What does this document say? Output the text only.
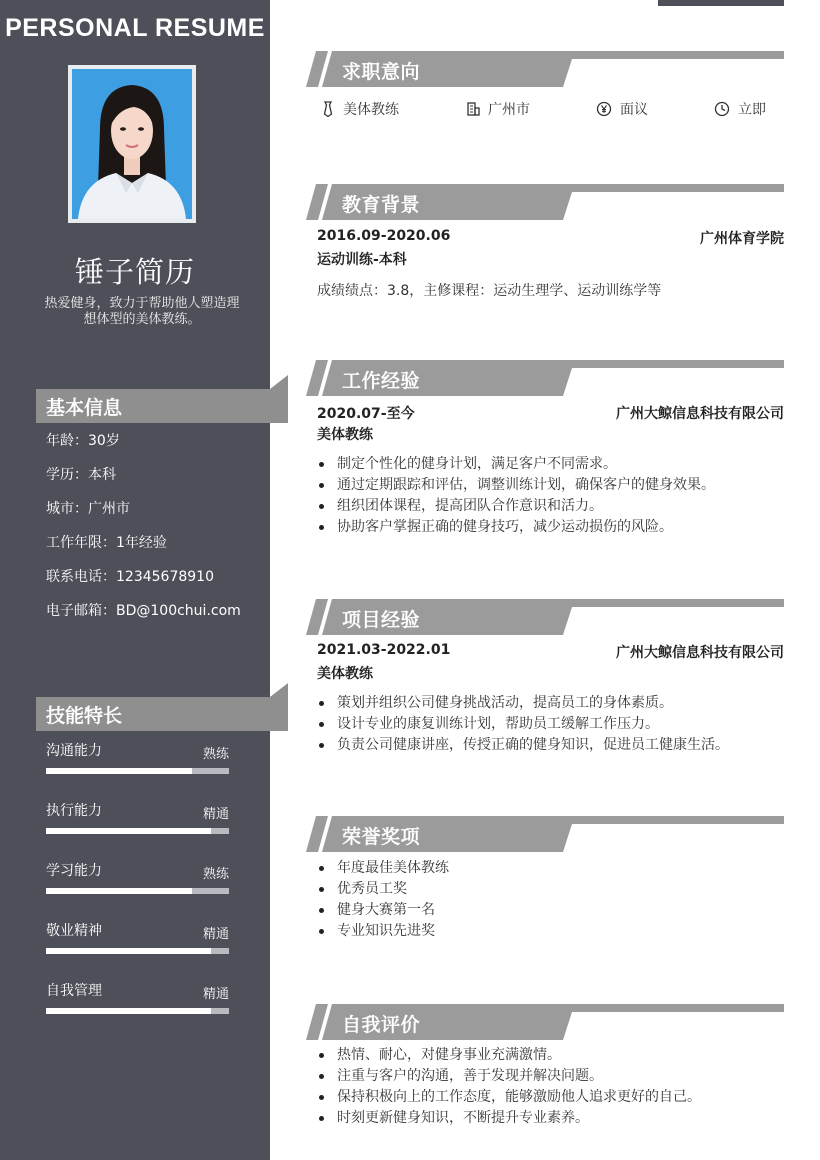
PERSONAL RESUME
锤子简历
热爱健身，致力于帮助他人塑造理想体型的美体教练。
基本信息
年龄：30岁
学历：本科
城市：广州市
工作年限：1年经验
联系电话：12345678910
电子邮箱：BD@100chui.com
技能特长
沟通能力	熟练
执行能力	精通
学习能力	熟练
敬业精神	精通
自我管理	精通
求职意向
美体教练	广州市	面议	立即
教育背景
2016.09-2020.06	广州体育学院
运动训练-本科
成绩绩点：3.8，主修课程：运动生理学、运动训练学等
工作经验
2020.07-至今	广州大鲸信息科技有限公司
美体教练
制定个性化的健身计划，满足客户不同需求。
通过定期跟踪和评估，调整训练计划，确保客户的健身效果。
组织团体课程，提高团队合作意识和活力。
协助客户掌握正确的健身技巧，减少运动损伤的风险。
项目经验
2021.03-2022.01	广州大鲸信息科技有限公司
美体教练
策划并组织公司健身挑战活动，提高员工的身体素质。
设计专业的康复训练计划，帮助员工缓解工作压力。
负责公司健康讲座，传授正确的健身知识，促进员工健康生活。
荣誉奖项
年度最佳美体教练
优秀员工奖
健身大赛第一名
专业知识先进奖
自我评价
热情、耐心，对健身事业充满激情。
注重与客户的沟通，善于发现并解决问题。
保持积极向上的工作态度，能够激励他人追求更好的自己。
时刻更新健身知识，不断提升专业素养。
